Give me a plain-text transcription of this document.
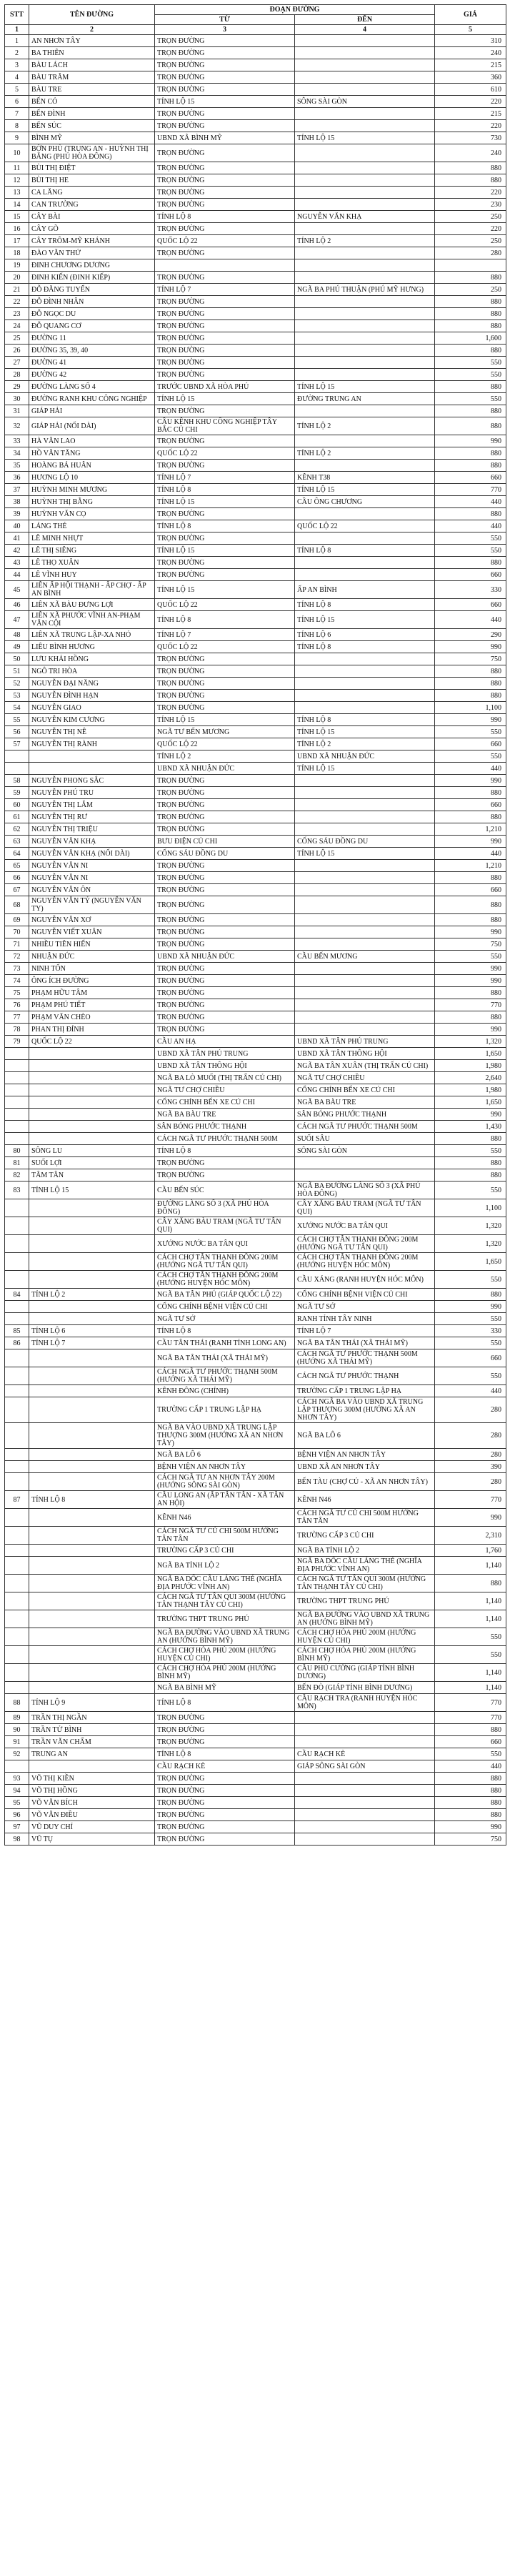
STT	TÊN ĐƯỜNG	ĐOẠN ĐƯỜNG		GIÁ
		TỪ	ĐẾN	
1	2	3	4	5
1	AN NHƠN TÂY	TRỌN ĐƯỜNG		310
2	BA THIÊN	TRỌN ĐƯỜNG		240
3	BÀU LÁCH	TRỌN ĐƯỜNG		215
4	BÀU TRÂM	TRỌN ĐƯỜNG		360
5	BÀU TRE	TRỌN ĐƯỜNG		610
6	BẾN CỎ	TỈNH LỘ 15	SÔNG SÀI GÒN	220
7	BẾN ĐÌNH	TRỌN ĐƯỜNG		215
8	BẾN SÚC	TRỌN ĐƯỜNG		220
9	BÌNH MỸ	UBND XÃ BÌNH MỸ	TỈNH LỘ 15	730
10	BỜN PHÙ (TRUNG AN - HUỲNH THỊ BẰNG (PHÚ HÒA ĐÔNG)	TRỌN ĐƯỜNG		240
11	BÙI THỊ ĐIỆT	TRỌN ĐƯỜNG		880
12	BÙI THỊ HE	TRỌN ĐƯỜNG		880
13	CA LĂNG	TRỌN ĐƯỜNG		220
14	CAN TRƯỜNG	TRỌN ĐƯỜNG		230
15	CÂY BÀI	TỈNH LỘ 8	NGUYỄN VĂN KHẠ	250
16	CÂY GÕ	TRỌN ĐƯỜNG		220
17	CÂY TRÔM-MỸ KHÁNH	QUỐC LỘ 22	TỈNH LỘ 2	250
18	ĐÀO VĂN THỬ	TRỌN ĐƯỜNG		280
19	ĐINH CHƯƠNG DƯƠNG			
20	ĐINH KIẾN (ĐINH KIẾP)	TRỌN ĐƯỜNG		880
21	ĐỖ ĐĂNG TUYỂN	TỈNH LỘ 7	NGÃ BA PHÚ THUẬN (PHÚ MỸ HƯNG)	250
22	ĐỖ ĐÌNH NHÂN	TRỌN ĐƯỜNG		880
23	ĐỖ NGỌC DU	TRỌN ĐƯỜNG		880
24	ĐỖ QUANG CƠ	TRỌN ĐƯỜNG		880
25	ĐƯỜNG 11	TRỌN ĐƯỜNG		1,600
26	ĐƯỜNG 35, 39, 40	TRỌN ĐƯỜNG		880
27	ĐƯỜNG 41	TRỌN ĐƯỜNG		550
28	ĐƯỜNG 42	TRỌN ĐƯỜNG		550
29	ĐƯỜNG LÀNG SỐ 4	TRƯỚC UBND XÃ HÒA PHÚ	TỈNH LỘ 15	880
30	ĐƯỜNG RANH KHU CÔNG NGHIỆP	TỈNH LỘ 15	ĐƯỜNG TRUNG AN	550
31	GIÁP HẢI	TRỌN ĐƯỜNG		880
32	GIÁP HẢI (NỐI DÀI)	CẦU KÊNH KHU CÔNG NGHIỆP TÂY BẮC CỦ CHI	TỈNH LỘ 2	880
33	HÀ VĂN LAO	TRỌN ĐƯỜNG		990
34	HỒ VĂN TĂNG	QUỐC LỘ 22	TỈNH LỘ 2	880
35	HOÀNG BÁ HUÂN	TRỌN ĐƯỜNG		880
36	HƯƠNG LỘ 10	TỈNH LỘ 7	KÊNH T38	660
37	HUỲNH MINH MƯƠNG	TỈNH LỘ 8	TỈNH LỘ 15	770
38	HUỲNH THỊ BẰNG	TỈNH LỘ 15	CẦU ÔNG CHƯƠNG	440
39	HUỲNH VĂN CỌ	TRỌN ĐƯỜNG		880
40	LÁNG THÉ	TỈNH LỘ 8	QUỐC LỘ 22	440
41	LÊ MINH NHỰT	TRỌN ĐƯỜNG		550
42	LÊ THỊ SIÊNG	TỈNH LỘ 15	TỈNH LỘ 8	550
43	LÊ THỌ XUÂN	TRỌN ĐƯỜNG		880
44	LÊ VĨNH HUY	TRỌN ĐƯỜNG		660
45	LIÊN ẤP HỘI THẠNH - ẤP CHỢ - ẤP AN BÌNH	TỈNH LỘ 15	ẤP AN BÌNH	330
46	LIÊN XÃ BÀU ĐƯNG LỢI	QUỐC LỘ 22	TỈNH LỘ 8	660
47	LIÊN XÃ PHƯỚC VĨNH AN-PHẠM VĂN CỘI	TỈNH LỘ 8	TỈNH LỘ 15	440
48	LIÊN XÃ TRUNG LẬP-XA NHỎ	TỈNH LỘ 7	TỈNH LỘ 6	290
49	LIÊU BÌNH HƯƠNG	QUỐC LỘ 22	TỈNH LỘ 8	990
50	LƯU KHẢI HỒNG	TRỌN ĐƯỜNG		750
51	NGÔ TRI HÒA	TRỌN ĐƯỜNG		880
52	NGUYỄN ĐẠI NĂNG	TRỌN ĐƯỜNG		880
53	NGUYỄN ĐÌNH HẠN	TRỌN ĐƯỜNG		880
54	NGUYỄN GIAO	TRỌN ĐƯỜNG		1,100
55	NGUYỄN KIM CƯƠNG	TỈNH LỘ 15	TỈNH LỘ 8	990
56	NGUYỄN THỊ NÊ	NGÃ TƯ BẾN MƯƠNG	TỈNH LỘ 15	550
57	NGUYỄN THỊ RÀNH	QUỐC LỘ 22	TỈNH LỘ 2	660
		TỈNH LỘ 2	UBND XÃ NHUẬN ĐỨC	550
		UBND XÃ NHUẬN ĐỨC	TỈNH LỘ 15	440
58	NGUYỄN PHONG SẮC	TRỌN ĐƯỜNG		990
59	NGUYỄN PHÚ TRU	TRỌN ĐƯỜNG		880
60	NGUYỄN THỊ LẮM	TRỌN ĐƯỜNG		660
61	NGUYỄN THỊ RƯ	TRỌN ĐƯỜNG		880
62	NGUYỄN THỊ TRIỆU	TRỌN ĐƯỜNG		1,210
63	NGUYỄN VĂN KHẠ	BƯU ĐIỆN CỦ CHI	CỐNG SÁU ĐỒNG DU	990
64	NGUYỄN VĂN KHẠ (NỐI DÀI)	CỐNG SÁU ĐỒNG DU	TỈNH LỘ 15	440
65	NGUYỄN VĂN NI	TRỌN ĐƯỜNG		1,210
66	NGUYỄN VĂN NI	TRỌN ĐƯỜNG		880
67	NGUYỄN VĂN ÔN	TRỌN ĐƯỜNG		660
68	NGUYỄN VĂN TỶ (NGUYỄN VĂN TY)	TRỌN ĐƯỜNG		880
69	NGUYỄN VĂN XƠ	TRỌN ĐƯỜNG		880
70	NGUYỄN VIẾT XUÂN	TRỌN ĐƯỜNG		990
71	NHIỀU TIÊN HIỂN	TRỌN ĐƯỜNG		750
72	NHUẬN ĐỨC	UBND XÃ NHUẬN ĐỨC	CẦU BẾN MƯƠNG	550
73	NINH TỐN	TRỌN ĐƯỜNG		990
74	ÔNG ÍCH ĐƯỜNG	TRỌN ĐƯỜNG		990
75	PHẠM HỮU TÂM	TRỌN ĐƯỜNG		880
76	PHẠM PHÚ TIẾT	TRỌN ĐƯỜNG		770
77	PHẠM VĂN CHÈO	TRỌN ĐƯỜNG		880
78	PHAN THỊ ĐÍNH	TRỌN ĐƯỜNG		990
79	QUỐC LỘ 22	CẦU AN HẠ	UBND XÃ TÂN PHÚ TRUNG	1,320
		UBND XÃ TÂN PHÚ TRUNG	UBND XÃ TÂN THÔNG HỘI	1,650
		UBND XÃ TÂN THÔNG HỘI	NGÃ BA TÂN XUÂN (THỊ TRẤN CỦ CHI)	1,980
		NGÃ BA LÒ MUỐI (THỊ TRẤN CỦ CHI)	NGÃ TƯ CHỢ CHIỀU	2,640
		NGÃ TƯ CHỢ CHIỀU	CỔNG CHÍNH BẾN XE CỦ CHI	1,980
		CỔNG CHÍNH BẾN XE CỦ CHI	NGÃ BA BÀU TRE	1,650
		NGÃ BA BÀU TRE	SÂN BÓNG PHƯỚC THẠNH	990
		SÂN BÓNG PHƯỚC THẠNH	CÁCH NGÃ TƯ PHƯỚC THẠNH 500M	1,430
		CÁCH NGÃ TƯ PHƯỚC THẠNH 500M	SUỐI SÂU	880
80	SÔNG LU	TỈNH LỘ 8	SÔNG SÀI GÒN	550
81	SUỐI LỢI	TRỌN ĐƯỜNG		880
82	TÂM TÂN	TRỌN ĐƯỜNG		880
83	TỈNH LỘ 15	CẦU BẾN SÚC	NGÃ BA ĐƯỜNG LÀNG SỐ 3 (XÃ PHÚ HÒA ĐÔNG)	550
		ĐƯỜNG LÀNG SỐ 3 (XÃ PHÚ HÒA ĐÔNG)	CÂY XĂNG BÀU TRAM (NGÃ TƯ TÂN QUI)	1,100
		CÂY XĂNG BÀU TRAM (NGÃ TƯ TÂN QUI)	XƯỞNG NƯỚC BA TÂN QUI	1,320
		XƯỞNG NƯỚC BA TÂN QUI	CÁCH CHỢ TÂN THẠNH ĐÔNG 200M (HƯỚNG NGÃ TƯ TÂN QUI)	1,320
		CÁCH CHỢ TÂN THẠNH ĐÔNG 200M (HƯỚNG NGÃ TƯ TÂN QUI)	CÁCH CHỢ TÂN THẠNH ĐÔNG 200M (HƯỚNG HUYỆN HÓC MÔN)	1,650
		CÁCH CHỢ TÂN THẠNH ĐÔNG 200M (HƯỚNG HUYỆN HÓC MÔN)	CẦU XÁNG (RANH HUYỆN HÓC MÔN)	550
84	TỈNH LỘ 2	NGÃ BA TÂN PHÚ (GIÁP QUỐC LỘ 22)	CỔNG CHÍNH BỆNH VIỆN CỦ CHI	880
		CỔNG CHÍNH BỆNH VIỆN CỦ CHI	NGÃ TƯ SỞ	990
		NGÃ TƯ SỞ	RANH TỈNH TÂY NINH	550
85	TỈNH LỘ 6	TỈNH LỘ 8	TỈNH LỘ 7	330
86	TỈNH LỘ 7	CẦU TÂN THÁI (RANH TỈNH LONG AN)	NGÃ BA TÂN THÁI (XÃ THÁI MỸ)	550
		NGÃ BA TÂN THÁI (XÃ THÁI MỸ)	CÁCH NGÃ TƯ PHƯỚC THẠNH 500M (HƯỚNG XÃ THÁI MỸ)	660
		CÁCH NGÃ TƯ PHƯỚC THẠNH 500M (HƯỚNG XÃ THÁI MỸ)	CÁCH NGÃ TƯ PHƯỚC THẠNH	550
		KÊNH ĐÔNG (CHÍNH)	TRƯỜNG CẤP 1 TRUNG LẬP HẠ	440
		TRƯỜNG CẤP 1 TRUNG LẬP HẠ	CÁCH NGÃ BA VÀO UBND XÃ TRUNG LẬP THƯỢNG 300M (HƯỚNG XÃ AN NHƠN TÂY)	280
		NGÃ BA VÀO UBND XÃ TRUNG LẬP THƯỢNG 300M (HƯỚNG XÃ AN NHƠN TÂY)	NGÃ BA LÔ 6	280
		NGÃ BA LÔ 6	BỆNH VIỆN AN NHƠN TÂY	280
		BỆNH VIỆN AN NHƠN TÂY	UBND XÃ AN NHƠN TÂY	390
		CÁCH NGÃ TƯ AN NHƠN TÂY 200M (HƯỚNG SÔNG SÀI GÒN)	BẾN TÀU (CHỢ CỦ - XÃ AN NHƠN TÂY)	280
87	TỈNH LỘ 8	CẦU LONG AN (ẤP TÂN TÂN - XÃ TÂN AN HỘI)	KÊNH N46	770
		KÊNH N46	CÁCH NGÃ TƯ CỦ CHI 500M HƯỚNG TÂN TÂN	990
		CÁCH NGÃ TƯ CỦ CHI 500M HƯỚNG TÂN TÂN	TRƯỜNG CẤP 3 CỦ CHI	2,310
		TRƯỜNG CẤP 3 CỦ CHI	NGÃ BA TỈNH LỘ 2	1,760
		NGÃ BA TỈNH LỘ 2	NGÃ BA DỐC CẦU LÁNG THÉ (NGHĨA ĐỊA PHƯỚC VĨNH AN)	1,140
		NGÃ BA DỐC CẦU LÁNG THÉ (NGHĨA ĐỊA PHƯỚC VĨNH AN)	CÁCH NGÃ TƯ TÂN QUI 300M (HƯỚNG TÂN THẠNH TÂY CỦ CHI)	880
		CÁCH NGÃ TƯ TÂN QUI 300M (HƯỚNG TÂN THẠNH TÂY CỦ CHI)	TRƯỜNG THPT TRUNG PHÚ	1,140
		TRƯỜNG THPT TRUNG PHÚ	NGÃ BA ĐƯỜNG VÀO UBND XÃ TRUNG AN (HƯỚNG BÌNH MỸ)	1,140
		NGÃ BA ĐƯỜNG VÀO UBND XÃ TRUNG AN (HƯỚNG BÌNH MỸ)	CÁCH CHỢ HÒA PHÚ 200M (HƯỚNG HUYỆN CỦ CHI)	550
		CÁCH CHỢ HÒA PHÚ 200M (HƯỚNG HUYỆN CỦ CHI)	CÁCH CHỢ HÒA PHÚ 200M (HƯỚNG BÌNH MỸ)	550
		CÁCH CHỢ HÒA PHÚ 200M (HƯỚNG BÌNH MỸ)	CẦU PHÚ CƯỜNG (GIÁP TỈNH BÌNH DƯƠNG)	1,140
		NGÃ BA BÌNH MỸ	BẾN ĐÒ (GIÁP TỈNH BÌNH DƯƠNG)	1,140
88	TỈNH LỘ 9	TỈNH LỘ 8	CẦU RẠCH TRA (RANH HUYỆN HÓC MÔN)	770
89	TRẦN THỊ NGẦN	TRỌN ĐƯỜNG		770
90	TRẦN TỬ BÌNH	TRỌN ĐƯỜNG		880
91	TRẦN VĂN CHẨM	TRỌN ĐƯỜNG		660
92	TRUNG AN	TỈNH LỘ 8	CẦU RẠCH KÈ	550
		CẦU RẠCH KÈ	GIÁP SÔNG SÀI GÒN	440
93	VÕ THỊ KIỀN	TRỌN ĐƯỜNG		880
94	VÕ THỊ HỒNG	TRỌN ĐƯỜNG		880
95	VÕ VĂN BÍCH	TRỌN ĐƯỜNG		880
96	VÕ VĂN ĐIỀU	TRỌN ĐƯỜNG		880
97	VŨ DUY CHÍ	TRỌN ĐƯỜNG		990
98	VŨ TỤ	TRỌN ĐƯỜNG		750
